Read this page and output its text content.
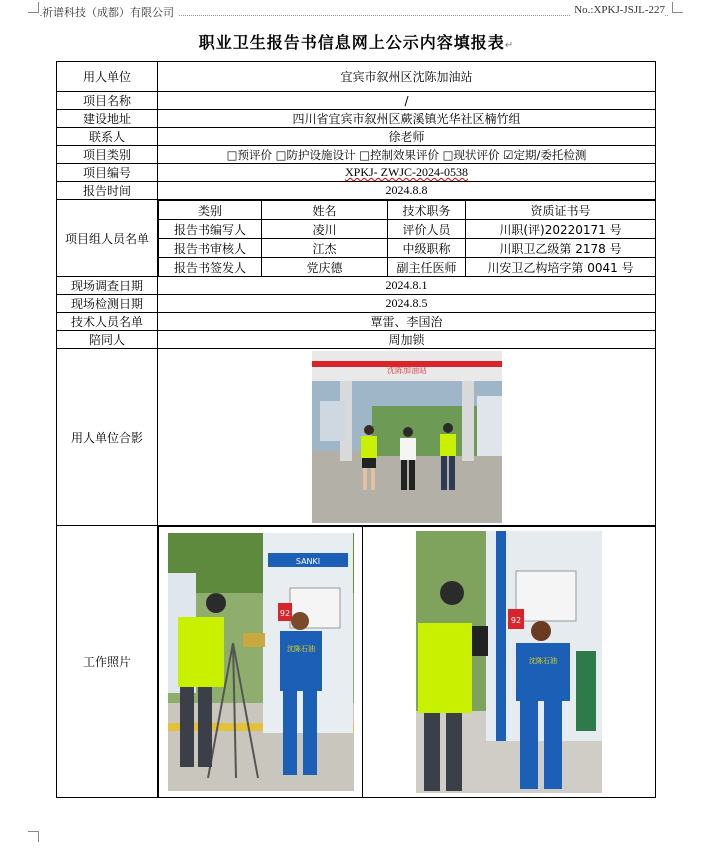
祈谱科技（成都）有限公司	No.:XPKJ-JSJL-227
职业卫生报告书信息网上公示内容填报表↵
用人单位	宜宾市叙州区沈陈加油站
项目名称	/
建设地址	四川省宜宾市叙州区蕨溪镇光华社区楠竹组
联系人	徐老师
项目类别	□预评价 □防护设施设计 □控制效果评价 □现状评价 ☑定期/委托检测
项目编号	XPKJ- ZWJC-2024-0538
报告时间	2024.8.8
项目组人员名单	
类别	姓名	技术职务	资质证书号
报告书编写人	凌川	评价人员	川职(评)20220171 号
报告书审核人	江杰	中级职称	川职卫乙级第 2178 号
报告书签发人	党庆德	副主任医师	川安卫乙构培字第 0041 号

现场调查日期	2024.8.1
现场检测日期	2024.8.5
技术人员名单	覃雷、李国治
陪同人	周加锁
用人单位合影	
沈陈加油站

工作照片	
SANKI
92
沈陈石油

92
沈陈石油
